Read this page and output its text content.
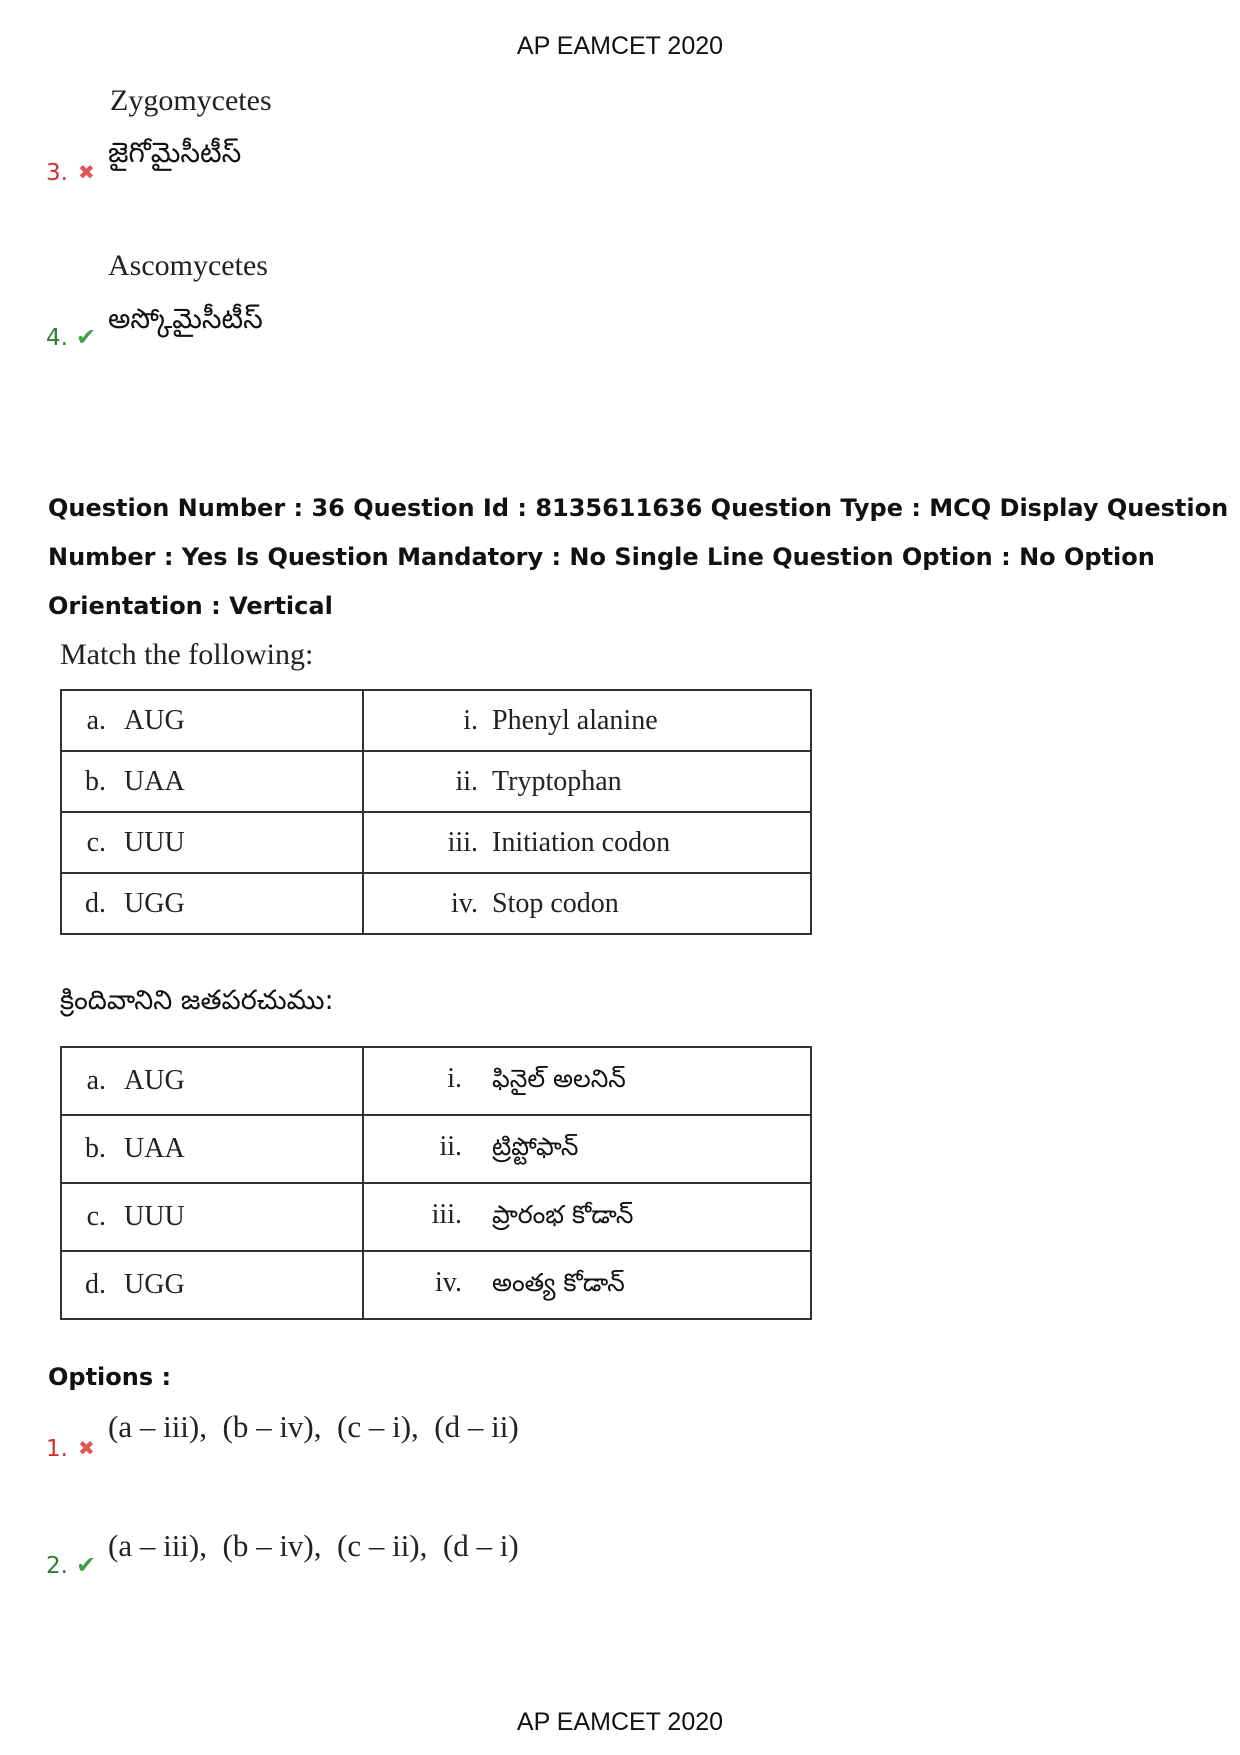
AP EAMCET 2020
Zygomycetes
జైగోమైసీటీస్
3. ✖
Ascomycetes
అస్కోమైసీటీస్
4. ✔
Question Number : 36 Question Id : 8135611636 Question Type : MCQ Display Question
Number : Yes Is Question Mandatory : No Single Line Question Option : No Option
Orientation : Vertical
Match the following:
a. AUG	i. Phenyl alanine
b. UAA	ii. Tryptophan
c. UUU	iii. Initiation codon
d. UGG	iv. Stop codon
క్రిందివానిని జతపరచుము:
a. AUG	i. ఫినైల్ అలనిన్
b. UAA	ii. ట్రిప్టోఫాన్
c. UUU	iii. ప్రారంభ కోడాన్
d. UGG	iv. అంత్య కోడాన్
Options :
(a – iii),  (b – iv),  (c – i),  (d – ii)
1. ✖
(a – iii),  (b – iv),  (c – ii),  (d – i)
2. ✔
AP EAMCET 2020
